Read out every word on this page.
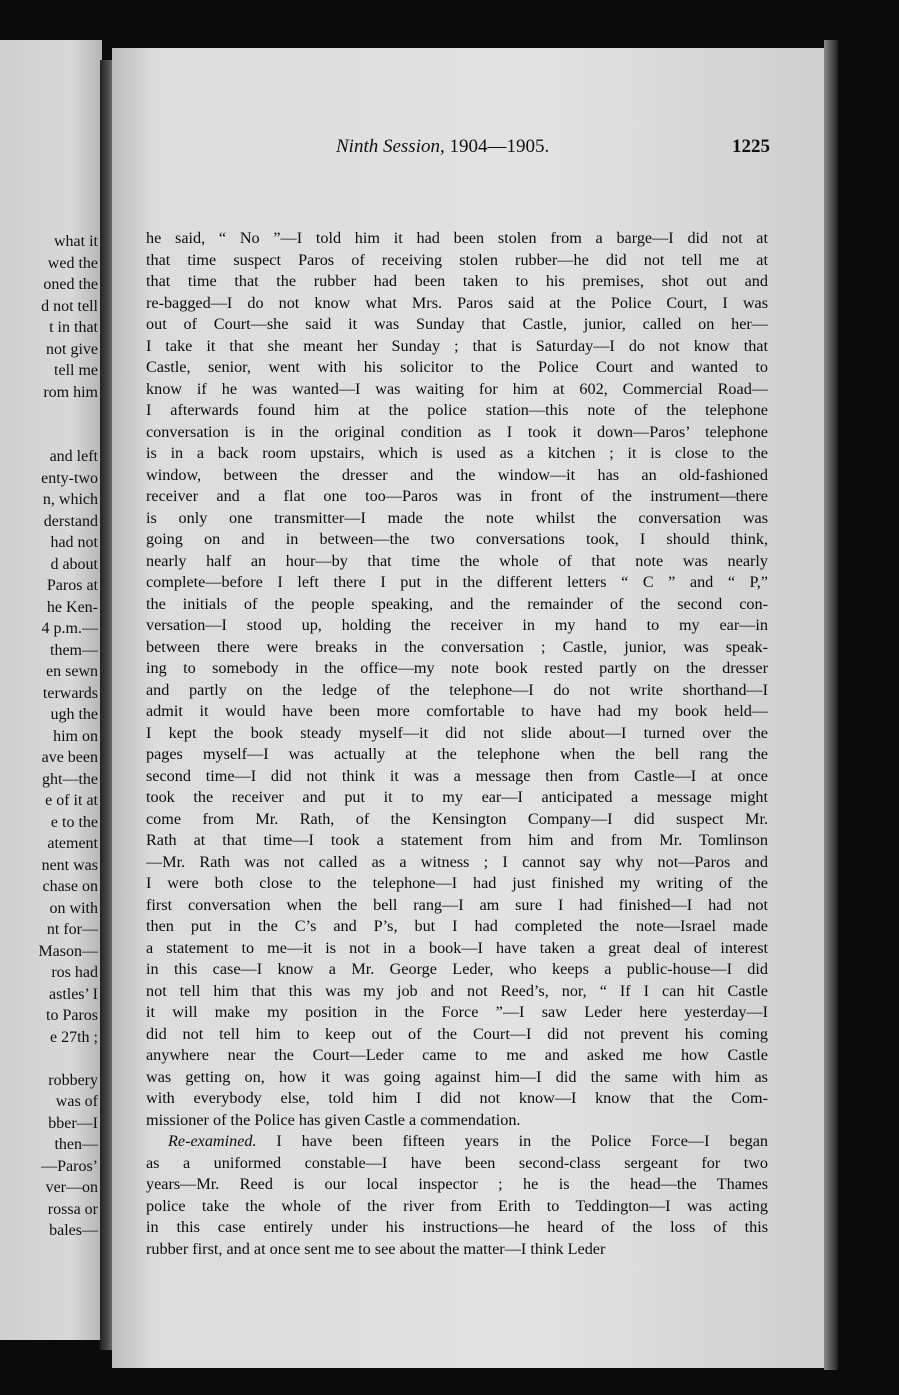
what it
wed the
oned the
d not tell
t in that
not give
tell me
rom him
and left
enty-two
n, which
derstand
had not
d about
Paros at
he Ken-
4 p.m.—
them—
en sewn
terwards
ugh the
him on
ave been
ght—the
e of it at
e to the
atement
nent was
chase on
on with
nt for—
Mason—
ros had
astles’ I
to Paros
e 27th ;
robbery
was of
bber—I
then—
—Paros’
ver—on
rossa or
bales—
Ninth Session, 1904—1905.	1225
he said, “ No ”—I told him it had been stolen from a barge—I did not at
that time suspect Paros of receiving stolen rubber—he did not tell me at
that time that the rubber had been taken to his premises, shot out and
re-bagged—I do not know what Mrs. Paros said at the Police Court, I was
out of Court—she said it was Sunday that Castle, junior, called on her—
I take it that she meant her Sunday ; that is Saturday—I do not know that
Castle, senior, went with his solicitor to the Police Court and wanted to
know if he was wanted—I was waiting for him at 602, Commercial Road—
I afterwards found him at the police station—this note of the telephone
conversation is in the original condition as I took it down—Paros’ telephone
is in a back room upstairs, which is used as a kitchen ; it is close to the
window, between the dresser and the window—it has an old-fashioned
receiver and a flat one too—Paros was in front of the instrument—there
is only one transmitter—I made the note whilst the conversation was
going on and in between—the two conversations took, I should think,
nearly half an hour—by that time the whole of that note was nearly
complete—before I left there I put in the different letters “ C ” and “ P,”
the initials of the people speaking, and the remainder of the second con-
versation—I stood up, holding the receiver in my hand to my ear—in
between there were breaks in the conversation ; Castle, junior, was speak-
ing to somebody in the office—my note book rested partly on the dresser
and partly on the ledge of the telephone—I do not write shorthand—I
admit it would have been more comfortable to have had my book held—
I kept the book steady myself—it did not slide about—I turned over the
pages myself—I was actually at the telephone when the bell rang the
second time—I did not think it was a message then from Castle—I at once
took the receiver and put it to my ear—I anticipated a message might
come from Mr. Rath, of the Kensington Company—I did suspect Mr.
Rath at that time—I took a statement from him and from Mr. Tomlinson
—Mr. Rath was not called as a witness ; I cannot say why not—Paros and
I were both close to the telephone—I had just finished my writing of the
first conversation when the bell rang—I am sure I had finished—I had not
then put in the C’s and P’s, but I had completed the note—Israel made
a statement to me—it is not in a book—I have taken a great deal of interest
in this case—I know a Mr. George Leder, who keeps a public-house—I did
not tell him that this was my job and not Reed’s, nor, “ If I can hit Castle
it will make my position in the Force ”—I saw Leder here yesterday—I
did not tell him to keep out of the Court—I did not prevent his coming
anywhere near the Court—Leder came to me and asked me how Castle
was getting on, how it was going against him—I did the same with him as
with everybody else, told him I did not know—I know that the Com-
missioner of the Police has given Castle a commendation.
Re-examined. I have been fifteen years in the Police Force—I began
as a uniformed constable—I have been second-class sergeant for two
years—Mr. Reed is our local inspector ; he is the head—the Thames
police take the whole of the river from Erith to Teddington—I was acting
in this case entirely under his instructions—he heard of the loss of this
rubber first, and at once sent me to see about the matter—I think Leder
